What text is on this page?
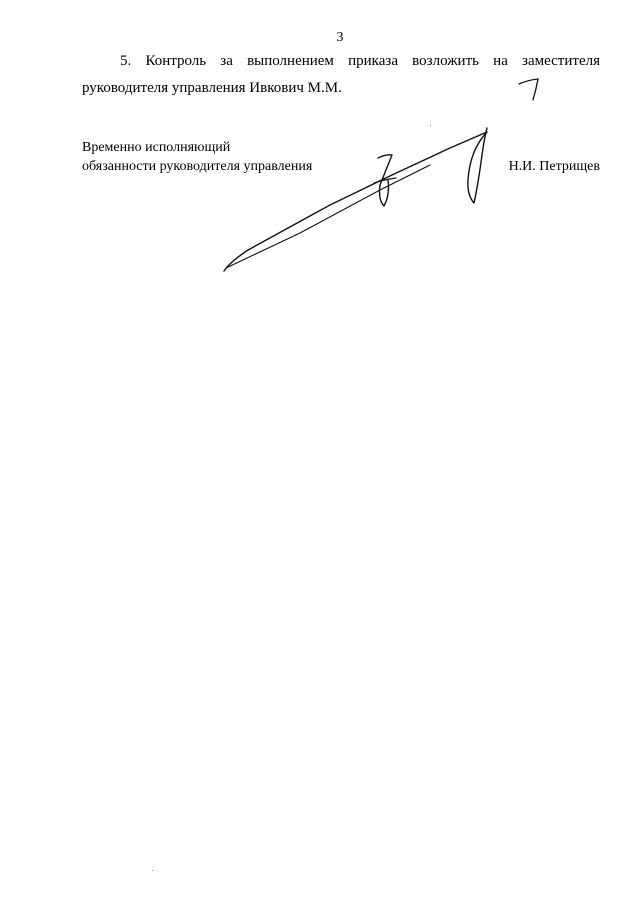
3
5. Контроль за выполнением приказа возложить на заместителя
руководителя управления Ивкович М.М.
Временно исполняющий
обязанности руководителя управления	Н.И. Петрищев
